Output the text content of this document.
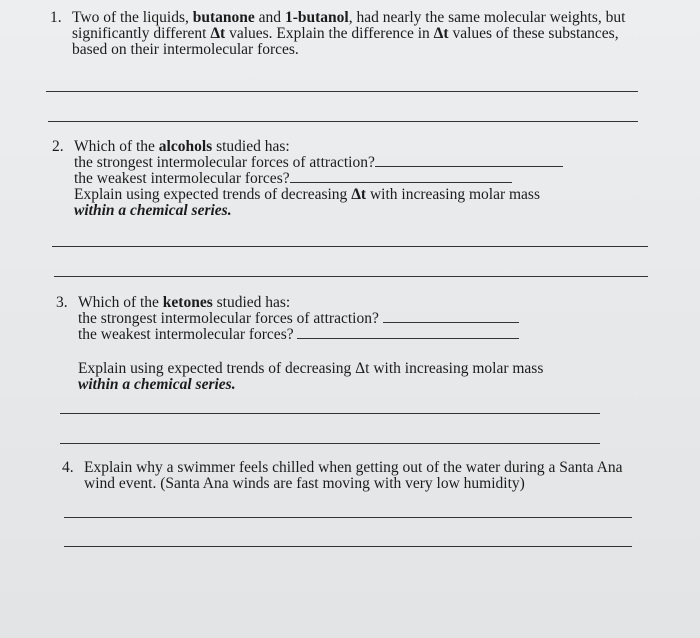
1. Two of the liquids, butanone and 1-butanol, had nearly the same molecular weights, but
significantly different Δt values. Explain the difference in Δt values of these substances,
based on their intermolecular forces.
2. Which of the alcohols studied has:
the strongest intermolecular forces of attraction?
the weakest intermolecular forces?
Explain using expected trends of decreasing Δt with increasing molar mass
within a chemical series.
3. Which of the ketones studied has:
the strongest intermolecular forces of attraction?
the weakest intermolecular forces?
Explain using expected trends of decreasing Δt with increasing molar mass
within a chemical series.
4. Explain why a swimmer feels chilled when getting out of the water during a Santa Ana
wind event. (Santa Ana winds are fast moving with very low humidity)
